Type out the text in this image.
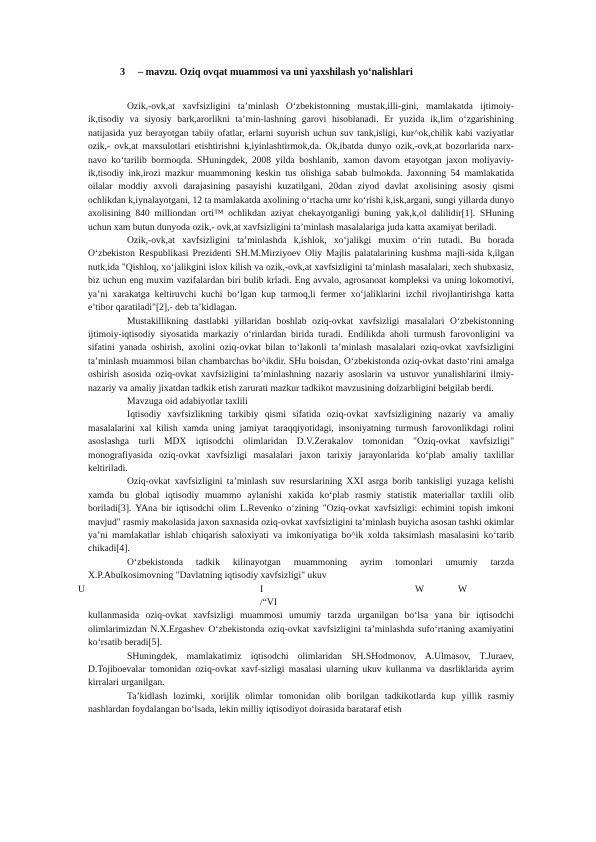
3 – mavzu. Oziq ovqat muammosi va uni yaxshilash yo‘nalishlari

Ozik,-ovk,at xavfsizligini ta’minlash O‘zbekistonning mustak,illi-gini, mamlakatda ijtimoiy-ik,tisodiy va siyosiy bark,arorlikni ta’min-lashning garovi hisoblanadi. Er yuzida ik,lim o‘zgarishining natijasida yuz berayotgan tabiiy ofatlar, erlarni suyurish uchun suv tank,isligi, kur^ok,chilik kabi vaziyatlar ozik,- ovk,at maxsulotlari etishtirishni k,iyinlashtirmok,da. Ok,ibatda dunyo ozik,-ovk,at bozorlarida narx-navo ko‘tarilib bormoqda. SHuningdek, 2008 yilda boshlanib, xamon davom etayotgan jaxon moliyaviy-ik,tisodiy ink,irozi mazkur muammoning keskin tus olishiga sabab bulmokda. Jaxonning 54 mamlakatida oilalar moddiy axvoli darajasining pasayishi kuzatilgani, 20dan ziyod davlat axolisining asosiy qismi ochlikdan k,iynalayotgani, 12 ta mamlakatda axolining o‘rtacha umr ko‘rishi k,isk,argani, sungi yillarda dunyo axolisining 840 milliondan orti™ ochlikdan aziyat chekayotganligi buning yak,k,ol dalilidir[1]. SHuning uchun xam butun dunyoda ozik,- ovk,at xavfsizligini ta’minlash masalalariga juda katta axamiyat beriladi.

Ozik,-ovk,at xavfsizligini ta’minlashda k,ishlok, xo‘jalikgi muxim o‘rin tutadi. Bu borada O‘zbekiston Respublikasi Prezidenti SH.M.Mirziyoev Oliy Majlis palatalarining kushma majli-sida k,ilgan nutk,ida "Qishloq, xo‘jalikgini islox kilish va ozik,-ovk,at xavfsizligini ta’minlash masalalari, xech shubxasiz, biz uchun eng muxim vazifalardan biri bulib krladi. Eng avvalo, agrosanoat kompleksi va uning lokomotivi, ya’ni xarakatga keltiruvchi kuchi bo‘lgan kup tarmoq,li fermer xo‘jaliklarini izchil rivojlantirishga katta e’tibor qaratiladi"[2],- deb ta’kidlagan.

Mustakillikning dastlabki yillaridan boshlab oziq-ovkat xavfsizligi masalalari O‘zbekistonning ijtimoiy-iqtisodiy siyosatida markaziy o‘rinlardan birida turadi. Endilikda aholi turmush farovonligini va sifatini yanada oshirish, axolini oziq-ovkat bilan to‘lakonli ta’minlash masalalari oziq-ovkat xavfsizligini ta’minlash muammosi bilan chambarchas bo^ikdir. SHu boisdan, O‘zbekistonda oziq-ovkat dasto‘rini amalga oshirish asosida oziq-ovkat xavfsizligini ta’minlashning nazariy asoslarin va ustuvor yunalishlarini ilmiy- nazariy va amaliy jixatdan tadkik etish zarurati mazkur tadkikot mavzusining dolzarbligini belgilab berdi.

Mavzuga oid adabiyotlar taxlili

Iqtisodiy xavfsizlikning tarkibiy qismi sifatida oziq-ovkat xavfsizligining nazariy va amaliy masalalarini xal kilish xamda uning jamiyat taraqqiyotidagi, insoniyatning turmush farovonlikdagi rolini asoslashga turli MDX iqtisodchi olimlaridan D.V.Zerakalov tomonidan "Oziq-ovkat xavfsizligi" monografiyasida oziq-ovkat xavfsizligi masalalari jaxon tarixiy jarayonlarida ko‘plab amaliy taxlillar keltiriladi.

Oziq-ovkat xavfsizligini ta’minlash suv resurslarining XXI asrga borib tankisligi yuzaga kelishi xamda bu global iqtisodiy muammo aylanishi xakida ko‘plab rasmiy statistik materiallar taxlili olib boriladi[3]. YAna bir iqtisodchi olim L.Revenko o‘zining "Oziq-ovkat xavfsizligi: echimini topish imkoni mavjud" rasmiy makolasida jaxon saxnasida oziq-ovkat xavfsizligini ta’minlash buyicha asosan tashki okimlar ya’ni mamlakatlar ishlab chiqarish saloxiyati va imkoniyatiga bo^ik xolda taksimlash masalasini ko‘tarib chikadi[4].

O‘zbekistonda tadkik kilinayotgan muammoning ayrim tomonlari umumiy tarzda X.P.Abulkosimovning "Davlatning iqtisodiy xavfsizligi" ukuv

U	I	W	W
/“VI

kullanmasida oziq-ovkat xavfsizligi muammosi umumiy tarzda urganilgan bo‘lsa yana bir iqtisodchi olimlarimizdan N.X.Ergashev O‘zbekistonda oziq-ovkat xavfsizligini ta’minlashda sufo‘rtaning axamiyatini ko‘rsatib beradi[5].

SHuningdek, mamlakatimiz iqtisodchi olimlaridan SH.SHodmonov, A.Ulmasov, T.Juraev, D.Tojiboevalar tomonidan oziq-ovkat xavf-sizligi masalasi ularning ukuv kullanma va dasrliklarida ayrim kirralari urganilgan.

Ta’kidlash lozimki, xorijlik olimlar tomonidan olib borilgan tadkikotlarda kup yillik rasmiy nashlardan foydalangan bo‘lsada, lekin milliy iqtisodiyot doirasida barataraf etish
